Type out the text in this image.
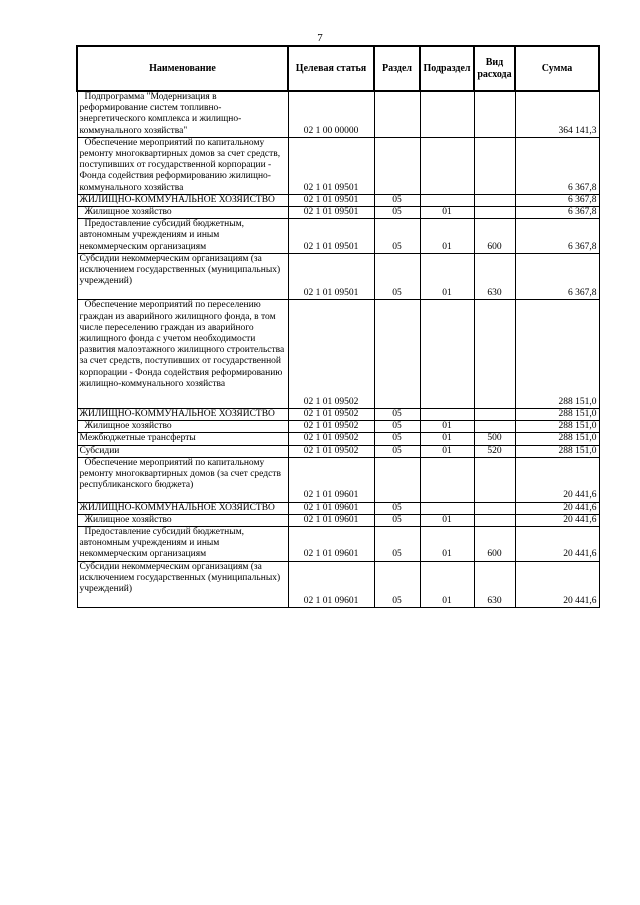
7
Наименование	Целевая статья	Раздел	Подраздел	Вид расхода	Сумма
Подпрограмма "Модернизация в реформирование систем топливно-энергетического комплекса и жилищно-коммунального хозяйства"	02 1 00 00000				364 141,3
Обеспечение мероприятий по капитальному ремонту многоквартирных домов за счет средств, поступивших от государственной корпорации - Фонда содействия реформированию жилищно-коммунального хозяйства	02 1 01 09501				6 367,8
ЖИЛИЩНО-КОММУНАЛЬНОЕ ХОЗЯЙСТВО	02 1 01 09501	05			6 367,8
Жилищное хозяйство	02 1 01 09501	05	01		6 367,8
Предоставление субсидий бюджетным, автономным учреждениям и иным некоммерческим организациям	02 1 01 09501	05	01	600	6 367,8
Субсидии некоммерческим организациям (за исключением государственных (муниципальных) учреждений)	02 1 01 09501	05	01	630	6 367,8
Обеспечение мероприятий по переселению граждан из аварийного жилищного фонда, в том числе переселению граждан из аварийного жилищного фонда с учетом необходимости развития малоэтажного жилищного строительства за счет средств, поступивших от государственной корпорации - Фонда содействия реформированию жилищно-коммунального хозяйства	02 1 01 09502				288 151,0
ЖИЛИЩНО-КОММУНАЛЬНОЕ ХОЗЯЙСТВО	02 1 01 09502	05			288 151,0
Жилищное хозяйство	02 1 01 09502	05	01		288 151,0
Межбюджетные трансферты	02 1 01 09502	05	01	500	288 151,0
Субсидии	02 1 01 09502	05	01	520	288 151,0
Обеспечение мероприятий по капитальному ремонту многоквартирных домов (за счет средств республиканского бюджета)	02 1 01 09601				20 441,6
ЖИЛИЩНО-КОММУНАЛЬНОЕ ХОЗЯЙСТВО	02 1 01 09601	05			20 441,6
Жилищное хозяйство	02 1 01 09601	05	01		20 441,6
Предоставление субсидий бюджетным, автономным учреждениям и иным некоммерческим организациям	02 1 01 09601	05	01	600	20 441,6
Субсидии некоммерческим организациям (за исключением государственных (муниципальных) учреждений)	02 1 01 09601	05	01	630	20 441,6
